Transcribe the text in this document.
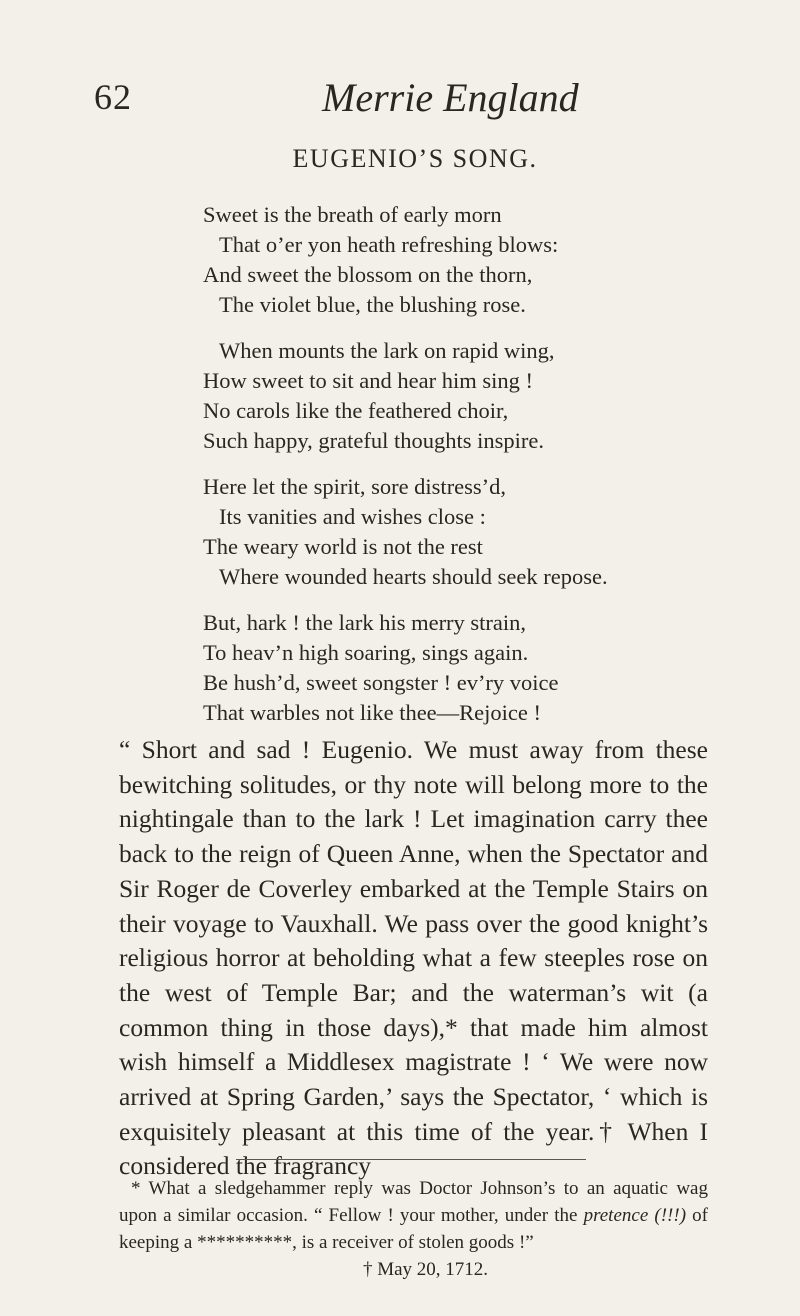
62	Merrie England
EUGENIO’S SONG.
Sweet is the breath of early morn
That o’er yon heath refreshing blows:
And sweet the blossom on the thorn,
The violet blue, the blushing rose.
When mounts the lark on rapid wing,
How sweet to sit and hear him sing !
No carols like the feathered choir,
Such happy, grateful thoughts inspire.
Here let the spirit, sore distress’d,
Its vanities and wishes close :
The weary world is not the rest
Where wounded hearts should seek repose.
But, hark ! the lark his merry strain,
To heav’n high soaring, sings again.
Be hush’d, sweet songster ! ev’ry voice
That warbles not like thee—Rejoice !
“ Short and sad ! Eugenio. We must away from these bewitching solitudes, or thy note will belong more to the nightingale than to the lark ! Let imagination carry thee back to the reign of Queen Anne, when the Spectator and Sir Roger de Coverley embarked at the Temple Stairs on their voyage to Vauxhall. We pass over the good knight’s religious horror at beholding what a few steeples rose on the west of Temple Bar; and the waterman’s wit (a common thing in those days),* that made him almost wish himself a Middlesex magistrate ! ‘ We were now arrived at Spring Garden,’ says the Spectator, ‘ which is exquisitely pleasant at this time of the year.† When I considered the fragrancy
* What a sledgehammer reply was Doctor Johnson’s to an aquatic wag upon a similar occasion. “ Fellow ! your mother, under the pretence (!!!) of keeping a **********, is a receiver of stolen goods !”
† May 20, 1712.
